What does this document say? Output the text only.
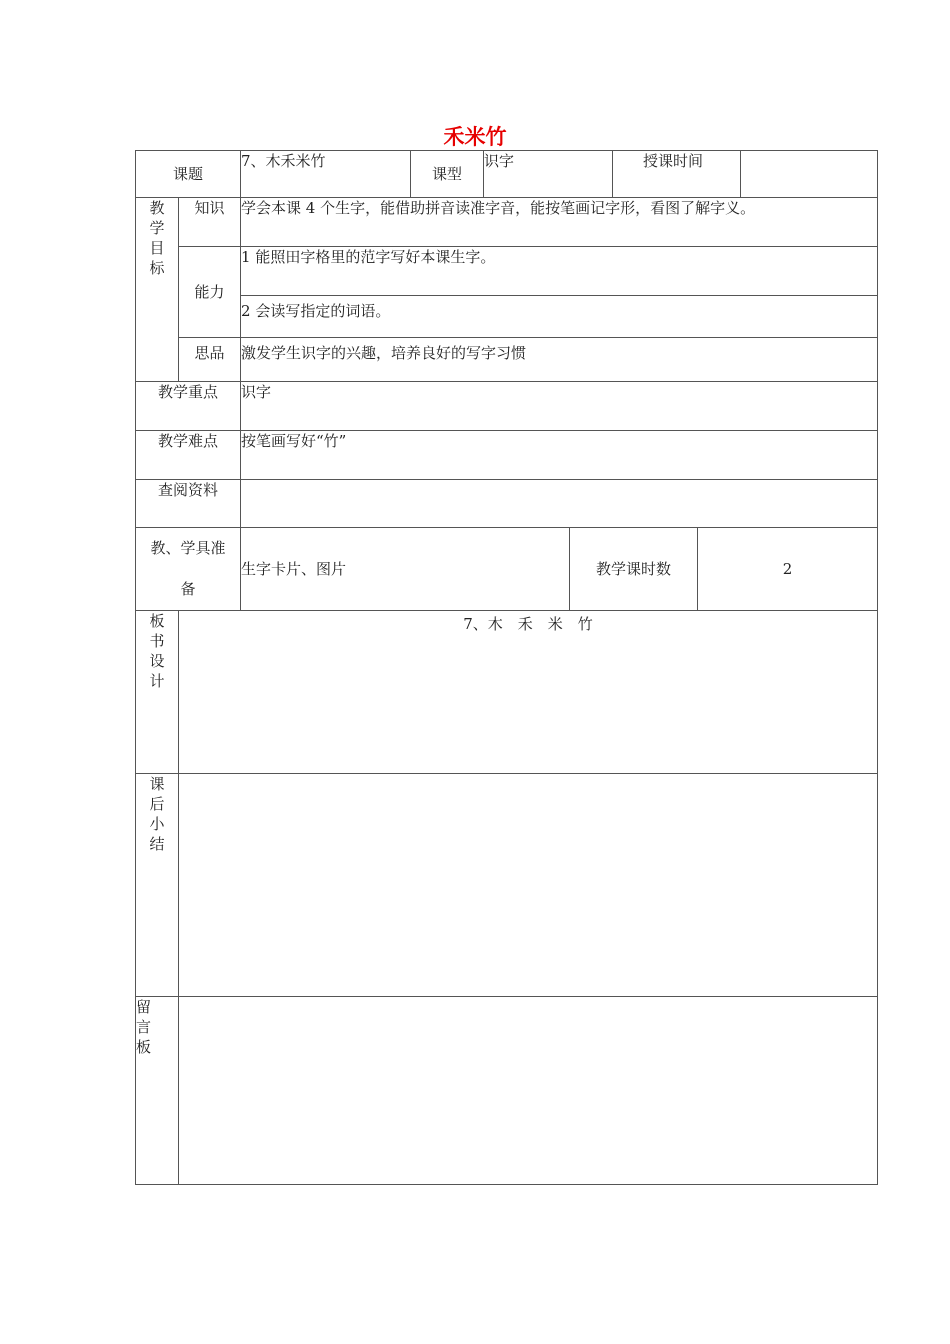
禾米竹
课题		7、木禾米竹	课型	识字		授课时间		

教
学
目
标	知识	学会本课 4 个生字，能借助拼音读准字音，能按笔画记字形，看图了解字义。						
	能力	1 能照田字格里的范字写好本课生字。						
		2 会读写指定的词语。						
	思品	激发学生识字的兴趣，培养良好的写字习惯						
教学重点		识字						
教学难点		按笔画写好“竹”						
查阅资料								

教、学具准
备		生字卡片、图片			教学课时数		2	

板
书
设
计	7、木　禾　米　竹							

课
后
小
结								

留
言
板								
